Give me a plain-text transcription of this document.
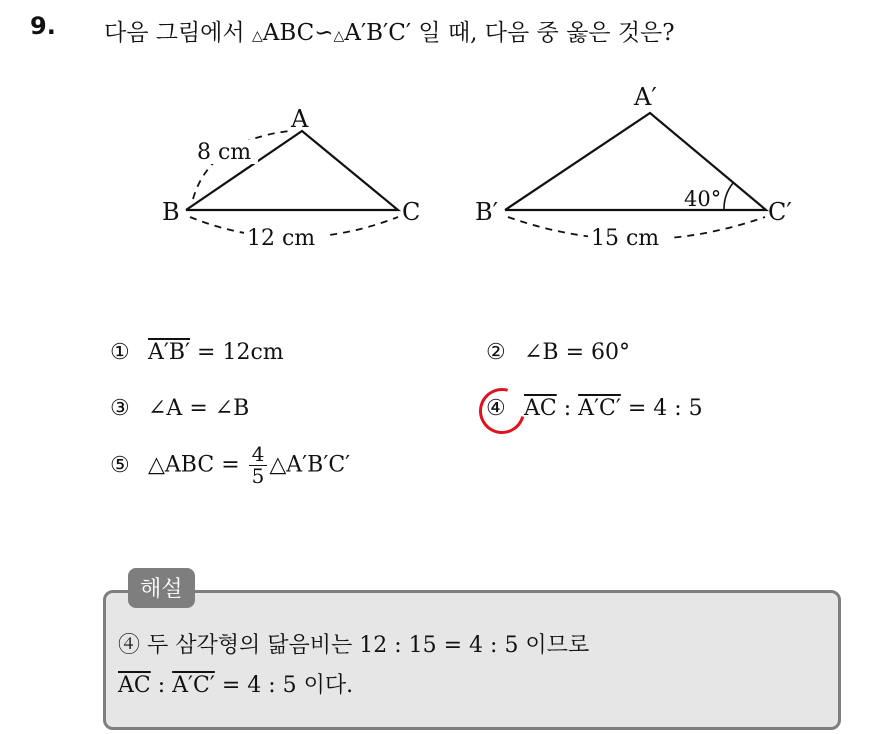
9. 다음 그림에서 △ABC∽△A′B′C′ 일 때, 다음 중 옳은 것은?
A
B	C
8 cm
12 cm
A′
B′	C′
40°
15 cm
① A′B′ = 12cm	② ∠B = 60°
③ ∠A = ∠B	④ $\overline{AC}$ : A′C′ = 4 : 5
⑤ △ABC = $\frac{4}{5}$ △A′B′C′
해설
④ 두 삼각형의 닮음비는 12 : 15 = 4 : 5 이므로
$\overline{AC}$ : A′C′ = 4 : 5 이다.
